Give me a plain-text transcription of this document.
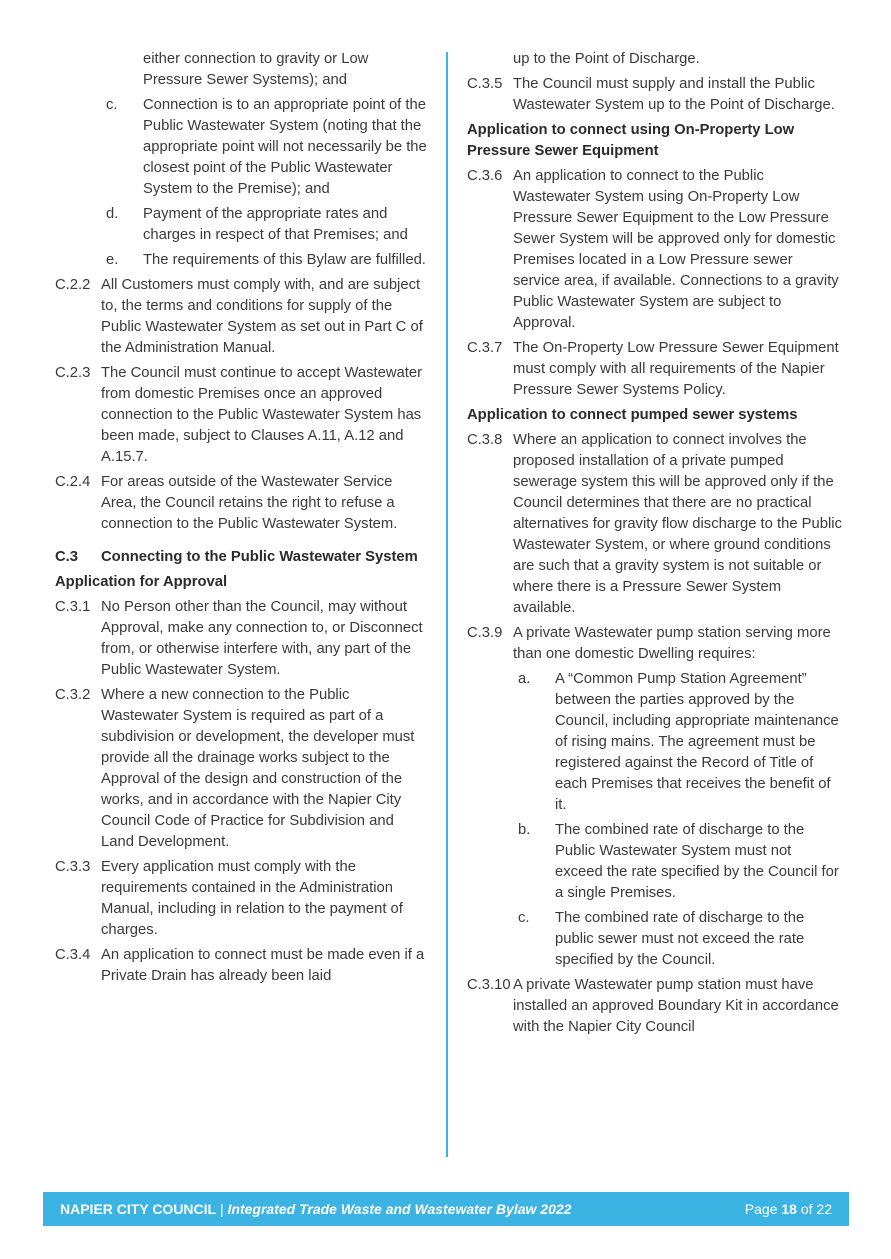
either connection to gravity or Low Pressure Sewer Systems); and
c. Connection is to an appropriate point of the Public Wastewater System (noting that the appropriate point will not necessarily be the closest point of the Public Wastewater System to the Premise); and
d. Payment of the appropriate rates and charges in respect of that Premises; and
e. The requirements of this Bylaw are fulfilled.
C.2.2 All Customers must comply with, and are subject to, the terms and conditions for supply of the Public Wastewater System as set out in Part C of the Administration Manual.
C.2.3 The Council must continue to accept Wastewater from domestic Premises once an approved connection to the Public Wastewater System has been made, subject to Clauses A.11, A.12 and A.15.7.
C.2.4 For areas outside of the Wastewater Service Area, the Council retains the right to refuse a connection to the Public Wastewater System.
C.3 Connecting to the Public Wastewater System
Application for Approval
C.3.1 No Person other than the Council, may without Approval, make any connection to, or Disconnect from, or otherwise interfere with, any part of the Public Wastewater System.
C.3.2 Where a new connection to the Public Wastewater System is required as part of a subdivision or development, the developer must provide all the drainage works subject to the Approval of the design and construction of the works, and in accordance with the Napier City Council Code of Practice for Subdivision and Land Development.
C.3.3 Every application must comply with the requirements contained in the Administration Manual, including in relation to the payment of charges.
C.3.4 An application to connect must be made even if a Private Drain has already been laid
up to the Point of Discharge.
C.3.5 The Council must supply and install the Public Wastewater System up to the Point of Discharge.
Application to connect using On-Property Low Pressure Sewer Equipment
C.3.6 An application to connect to the Public Wastewater System using On-Property Low Pressure Sewer Equipment to the Low Pressure Sewer System will be approved only for domestic Premises located in a Low Pressure sewer service area, if available. Connections to a gravity Public Wastewater System are subject to Approval.
C.3.7 The On-Property Low Pressure Sewer Equipment must comply with all requirements of the Napier Pressure Sewer Systems Policy.
Application to connect pumped sewer systems
C.3.8 Where an application to connect involves the proposed installation of a private pumped sewerage system this will be approved only if the Council determines that there are no practical alternatives for gravity flow discharge to the Public Wastewater System, or where ground conditions are such that a gravity system is not suitable or where there is a Pressure Sewer System available.
C.3.9 A private Wastewater pump station serving more than one domestic Dwelling requires:
a. A “Common Pump Station Agreement” between the parties approved by the Council, including appropriate maintenance of rising mains. The agreement must be registered against the Record of Title of each Premises that receives the benefit of it.
b. The combined rate of discharge to the Public Wastewater System must not exceed the rate specified by the Council for a single Premises.
c. The combined rate of discharge to the public sewer must not exceed the rate specified by the Council.
C.3.10 A private Wastewater pump station must have installed an approved Boundary Kit in accordance with the Napier City Council
NAPIER CITY COUNCIL | Integrated Trade Waste and Wastewater Bylaw 2022	Page 18 of 22
